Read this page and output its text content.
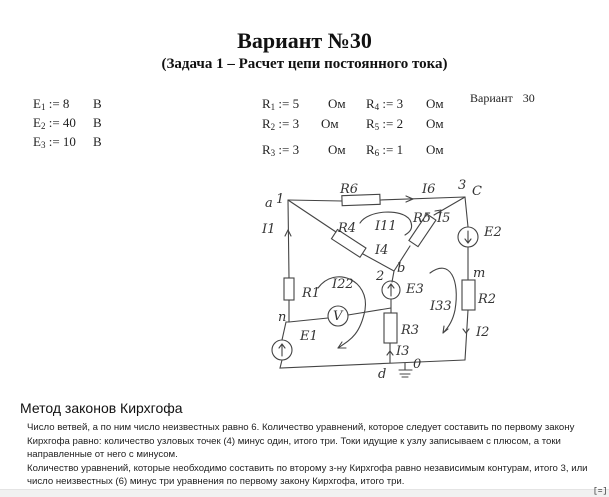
Вариант №30
(Задача 1 – Расчет цепи постоянного тока)
$E_1$ := 8 В
$E_2$ := 40 В
$E_3$ := 10 В
$R_1$ := 5 Ом $R_4$ := 3 Ом
$R_2$ := 3 Ом $R_5$ := 2 Ом
$R_3$ := 3 Ом $R_6$ := 1 Ом
Вариант 30
a 1
b
2
C
3
d
0
m
n
R6	I6
I1	R4 I11
R5 I5
E2
I4
R1
I22	E3
I33 R2
E1
V
R3
I3
I2
Метод законов Кирхгофа

Число ветвей, а по ним число неизвестных равно 6. Количество уравнений, которое следует составить по первому закону Кирхгофа равно: количество узловых точек (4) минус один, итого три. Токи идущие к узлу записываем с плюсом, а токи направленные от него с минусом.

Количество уравнений, которые необходимо составить по второму з-ну Кирхгофа равно независимым контурам, итого 3, или число неизвестных (6) минус три уравнения по первому закону Кирхгофа, итого три.

[=]
